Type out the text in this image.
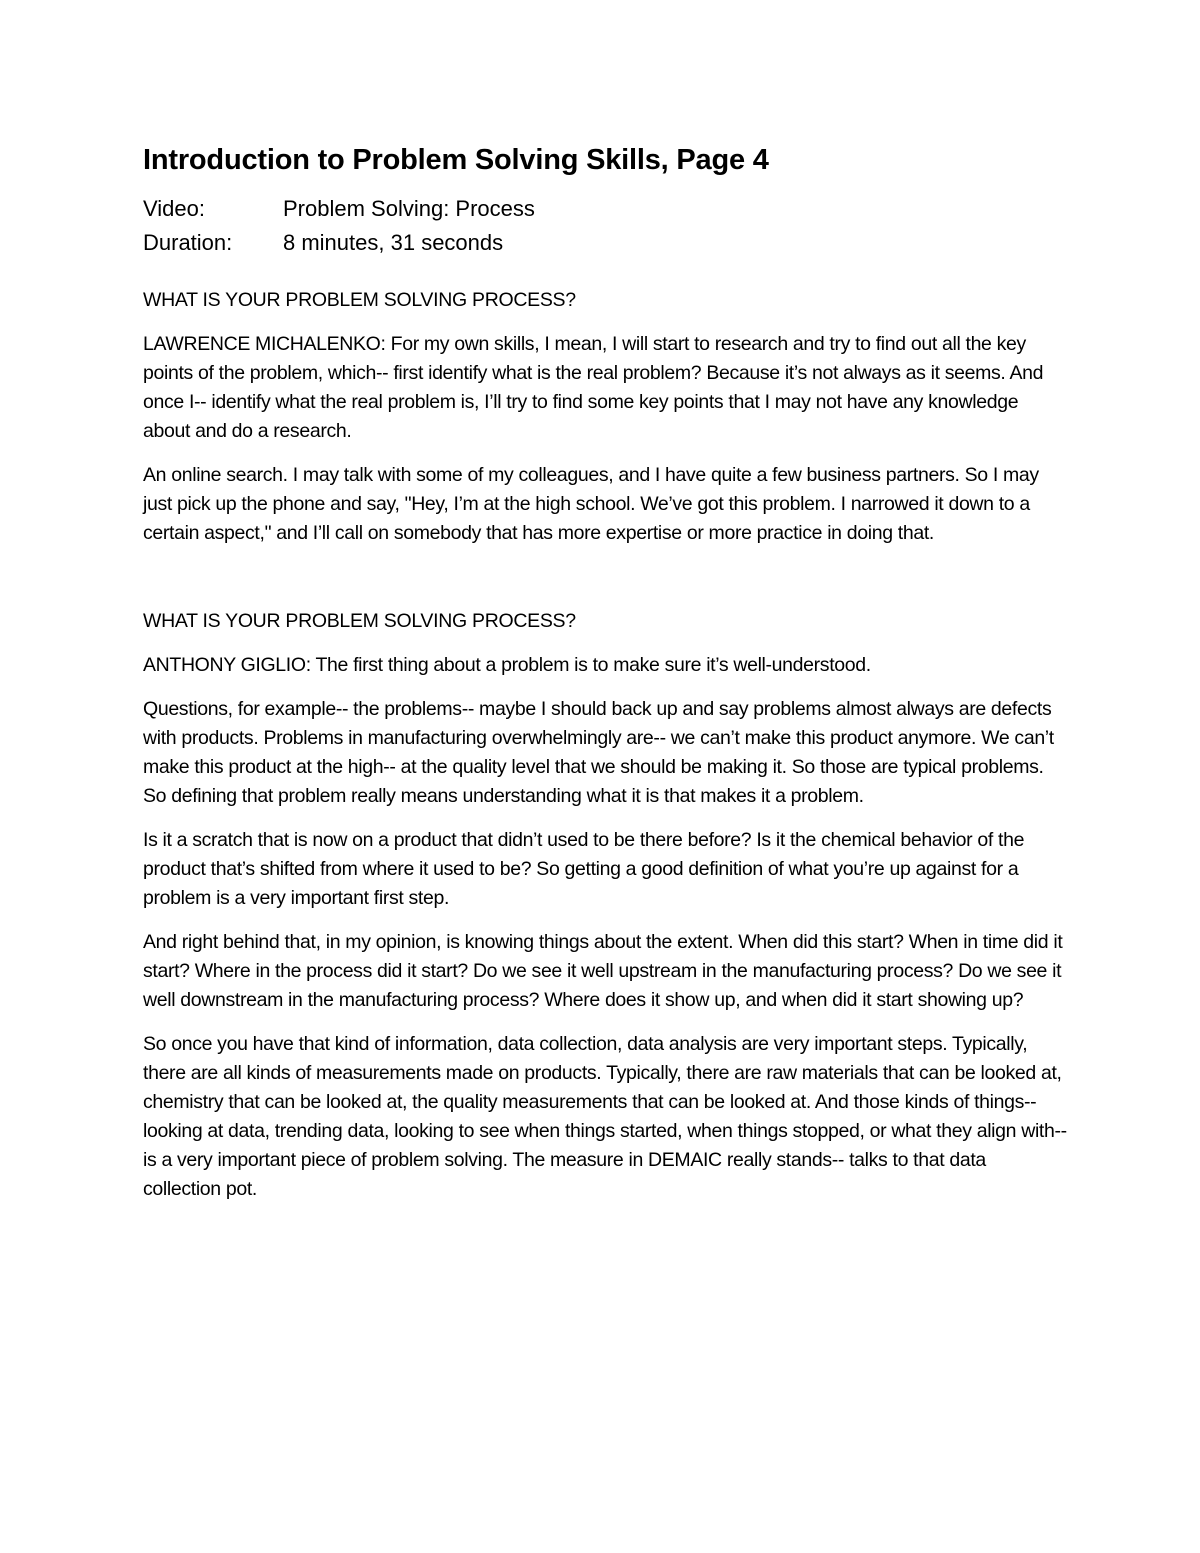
Introduction to Problem Solving Skills, Page 4
Video:	Problem Solving: Process
Duration:	8 minutes, 31 seconds

WHAT IS YOUR PROBLEM SOLVING PROCESS?

LAWRENCE MICHALENKO: For my own skills, I mean, I will start to research and try to find out all the key points of the problem, which-- first identify what is the real problem? Because it’s not always as it seems. And once I-- identify what the real problem is, I’ll try to find some key points that I may not have any knowledge about and do a research.

An online search. I may talk with some of my colleagues, and I have quite a few business partners. So I may just pick up the phone and say, "Hey, I’m at the high school. We’ve got this problem. I narrowed it down to a certain aspect," and I’ll call on somebody that has more expertise or more practice in doing that.

WHAT IS YOUR PROBLEM SOLVING PROCESS?

ANTHONY GIGLIO: The first thing about a problem is to make sure it’s well-understood.

Questions, for example-- the problems-- maybe I should back up and say problems almost always are defects with products. Problems in manufacturing overwhelmingly are-- we can’t make this product anymore. We can’t make this product at the high-- at the quality level that we should be making it. So those are typical problems. So defining that problem really means understanding what it is that makes it a problem.

Is it a scratch that is now on a product that didn’t used to be there before? Is it the chemical behavior of the product that’s shifted from where it used to be? So getting a good definition of what you’re up against for a problem is a very important first step.

And right behind that, in my opinion, is knowing things about the extent. When did this start? When in time did it start? Where in the process did it start? Do we see it well upstream in the manufacturing process? Do we see it well downstream in the manufacturing process? Where does it show up, and when did it start showing up?

So once you have that kind of information, data collection, data analysis are very important steps. Typically, there are all kinds of measurements made on products. Typically, there are raw materials that can be looked at, chemistry that can be looked at, the quality measurements that can be looked at. And those kinds of things-- looking at data, trending data, looking to see when things started, when things stopped, or what they align with-- is a very important piece of problem solving. The measure in DEMAIC really stands-- talks to that data collection pot.
